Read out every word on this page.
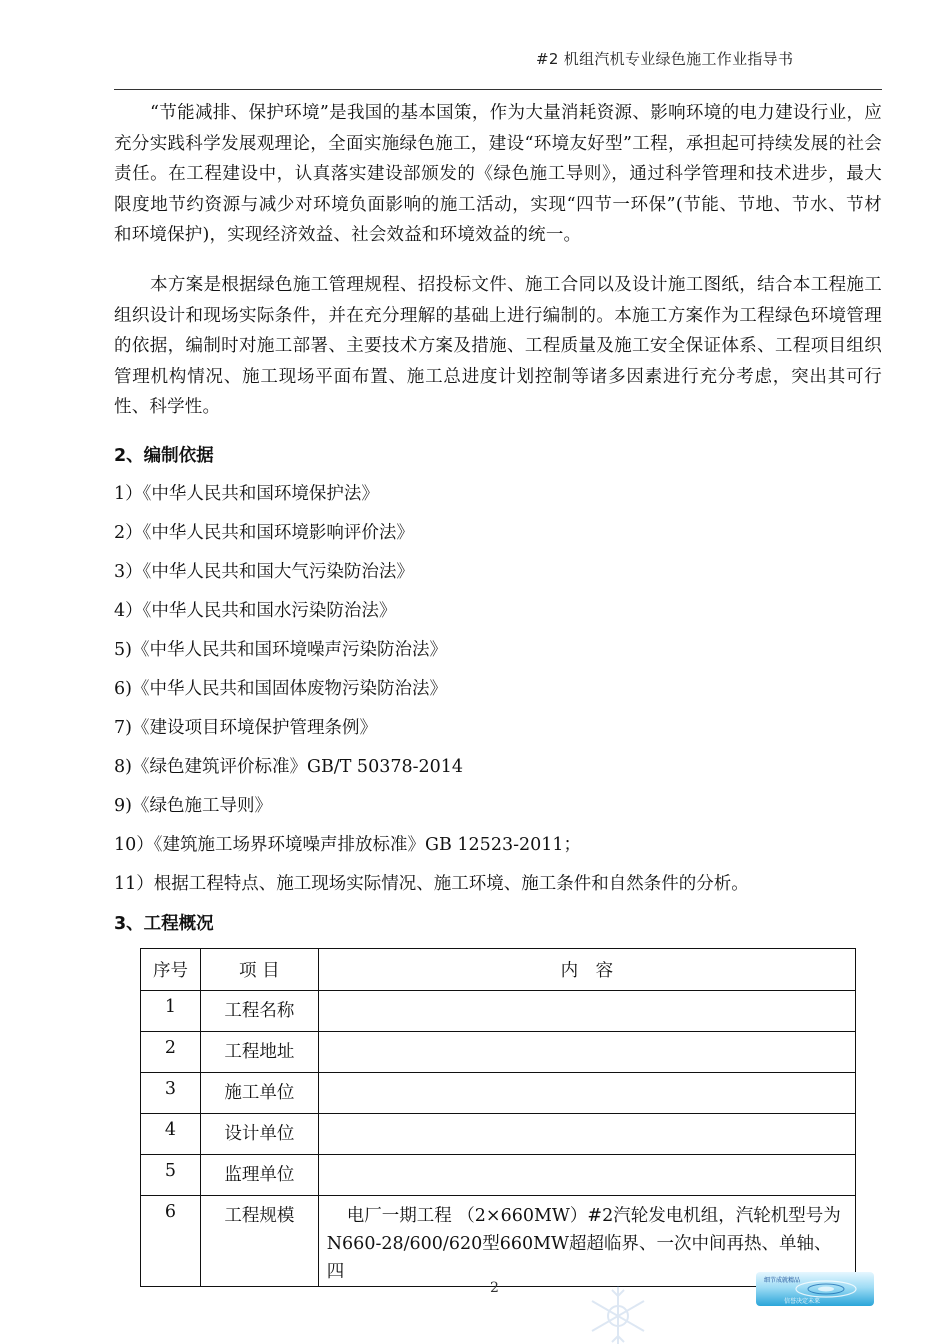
#2 机组汽机专业绿色施工作业指导书

“节能减排、保护环境”是我国的基本国策，作为大量消耗资源、影响环境的电力建设行业，应充分实践科学发展观理论，全面实施绿色施工，建设“环境友好型”工程，承担起可持续发展的社会责任。在工程建设中，认真落实建设部颁发的《绿色施工导则》，通过科学管理和技术进步，最大限度地节约资源与减少对环境负面影响的施工活动，实现“四节一环保”(节能、节地、节水、节材和环境保护)，实现经济效益、社会效益和环境效益的统一。

本方案是根据绿色施工管理规程、招投标文件、施工合同以及设计施工图纸，结合本工程施工组织设计和现场实际条件，并在充分理解的基础上进行编制的。本施工方案作为工程绿色环境管理的依据，编制时对施工部署、主要技术方案及措施、工程质量及施工安全保证体系、工程项目组织管理机构情况、施工现场平面布置、施工总进度计划控制等诸多因素进行充分考虑，突出其可行性、科学性。

2、编制依据
1）《中华人民共和国环境保护法》
2）《中华人民共和国环境影响评价法》
3）《中华人民共和国大气污染防治法》
4）《中华人民共和国水污染防治法》
5)《中华人民共和国环境噪声污染防治法》
6)《中华人民共和国固体废物污染防治法》
7)《建设项目环境保护管理条例》
8)《绿色建筑评价标准》GB/T 50378-2014
9)《绿色施工导则》
10）《建筑施工场界环境噪声排放标准》GB 12523-2011；
11）根据工程特点、施工现场实际情况、施工环境、施工条件和自然条件的分析。
3、工程概况
序号	项 目	内　容
1	工程名称	
2	工程地址	
3	施工单位	
4	设计单位	
5	监理单位	
6	工程规模	电厂一期工程 （2×660MW）#2汽轮发电机组，汽轮机型号为N660-28/600/620型660MW超超临界、一次中间再热、单轴、四
2	细节成就精品
信誉决定未来
